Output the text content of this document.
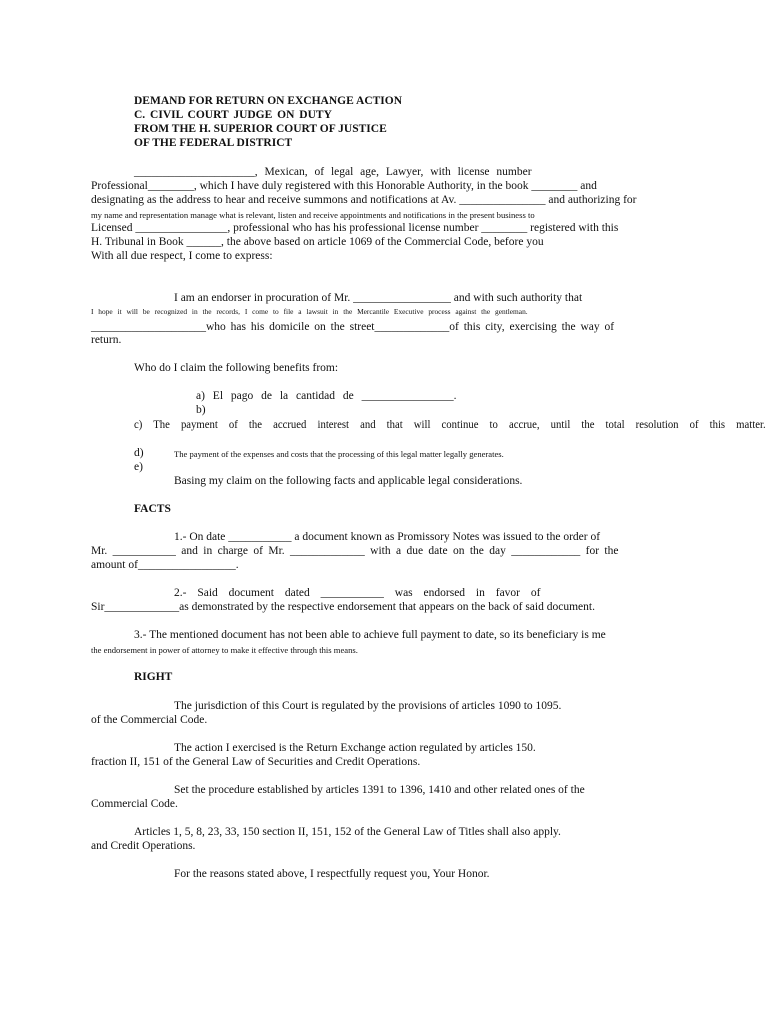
DEMAND FOR RETURN ON EXCHANGE ACTION
C. CIVIL COURT JUDGE ON DUTY
FROM THE H. SUPERIOR COURT OF JUSTICE
OF THE FEDERAL DISTRICT
_____________________, Mexican, of legal age, Lawyer, with license number
Professional________, which I have duly registered with this Honorable Authority, in the book ________ and
designating as the address to hear and receive summons and notifications at Av. _______________ and authorizing for
my name and representation manage what is relevant, listen and receive appointments and notifications in the present business to
Licensed ________________, professional who has his professional license number ________ registered with this
H. Tribunal in Book ______, the above based on article 1069 of the Commercial Code, before you
With all due respect, I come to express:
I am an endorser in procuration of Mr. _________________ and with such authority that
I hope it will be recognized in the records, I come to file a lawsuit in the Mercantile Executive process against the gentleman.
____________________who has his domicile on the street_____________of this city, exercising the way of
return.
Who do I claim the following benefits from:
a) El pago de la cantidad de ________________.
b)
c) The payment of the accrued interest and that will continue to accrue, until the total resolution of this matter.
d)	The payment of the expenses and costs that the processing of this legal matter legally generates.
e)
Basing my claim on the following facts and applicable legal considerations.
FACTS
1.- On date ___________ a document known as Promissory Notes was issued to the order of
Mr. ___________ and in charge of Mr. _____________ with a due date on the day ____________ for the
amount of_________________.
2.- Said document dated ___________ was endorsed in favor of
Sir_____________as demonstrated by the respective endorsement that appears on the back of said document.
3.- The mentioned document has not been able to achieve full payment to date, so its beneficiary is me
the endorsement in power of attorney to make it effective through this means.
RIGHT
The jurisdiction of this Court is regulated by the provisions of articles 1090 to 1095.
of the Commercial Code.
The action I exercised is the Return Exchange action regulated by articles 150.
fraction II, 151 of the General Law of Securities and Credit Operations.
Set the procedure established by articles 1391 to 1396, 1410 and other related ones of the
Commercial Code.
Articles 1, 5, 8, 23, 33, 150 section II, 151, 152 of the General Law of Titles shall also apply.
and Credit Operations.
For the reasons stated above, I respectfully request you, Your Honor.
